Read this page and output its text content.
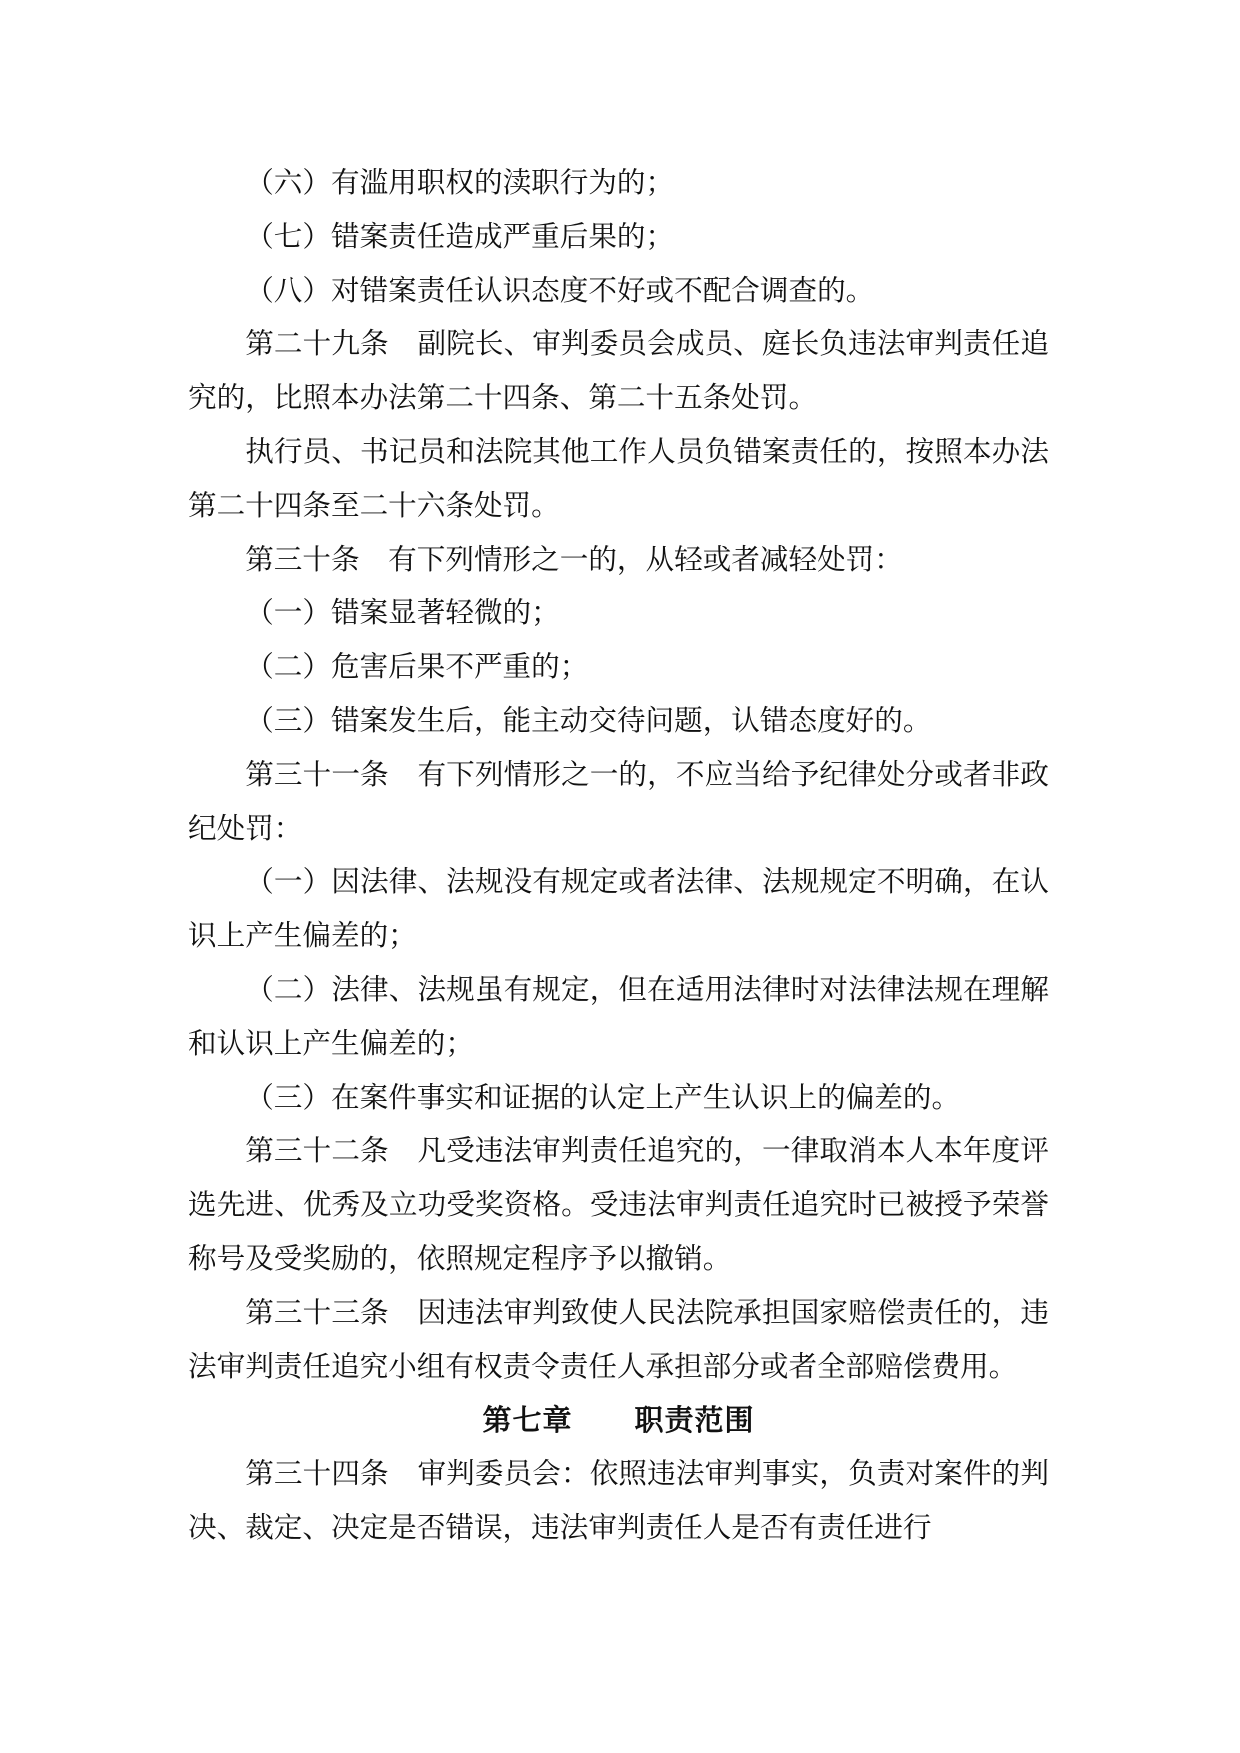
（六）有滥用职权的渎职行为的；

（七）错案责任造成严重后果的；

（八）对错案责任认识态度不好或不配合调查的。

第二十九条　副院长、审判委员会成员、庭长负违法审判责任追究的，比照本办法第二十四条、第二十五条处罚。

执行员、书记员和法院其他工作人员负错案责任的，按照本办法第二十四条至二十六条处罚。

第三十条　有下列情形之一的，从轻或者减轻处罚：

（一）错案显著轻微的；

（二）危害后果不严重的；

（三）错案发生后，能主动交待问题，认错态度好的。

第三十一条　有下列情形之一的，不应当给予纪律处分或者非政纪处罚：

（一）因法律、法规没有规定或者法律、法规规定不明确，在认识上产生偏差的；

（二）法律、法规虽有规定，但在适用法律时对法律法规在理解和认识上产生偏差的；

（三）在案件事实和证据的认定上产生认识上的偏差的。

第三十二条　凡受违法审判责任追究的，一律取消本人本年度评选先进、优秀及立功受奖资格。受违法审判责任追究时已被授予荣誉称号及受奖励的，依照规定程序予以撤销。

第三十三条　因违法审判致使人民法院承担国家赔偿责任的，违法审判责任追究小组有权责令责任人承担部分或者全部赔偿费用。

第七章 职责范围

第三十四条　审判委员会：依照违法审判事实，负责对案件的判决、裁定、决定是否错误，违法审判责任人是否有责任进行
